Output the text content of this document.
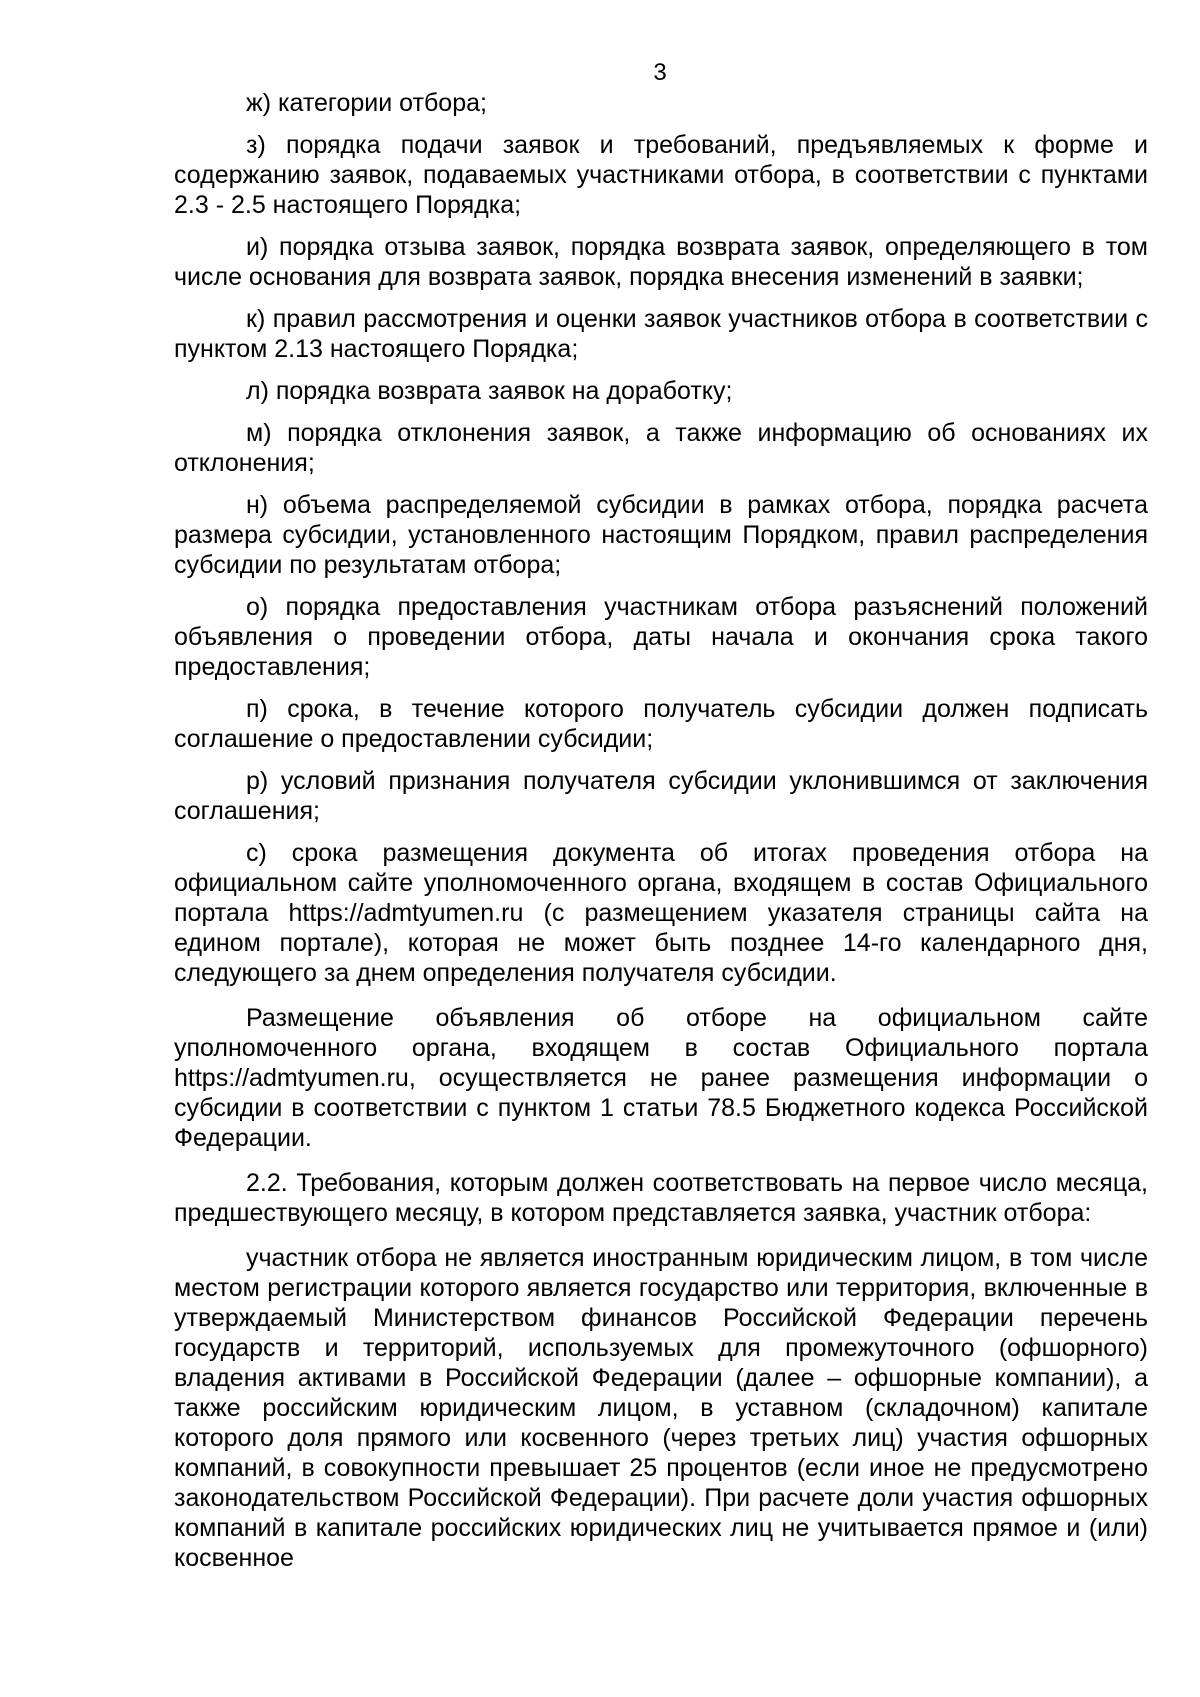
3

ж) категории отбора;

з) порядка подачи заявок и требований, предъявляемых к форме и содержанию заявок, подаваемых участниками отбора, в соответствии с пунктами 2.3 - 2.5 настоящего Порядка;

и) порядка отзыва заявок, порядка возврата заявок, определяющего в том числе основания для возврата заявок, порядка внесения изменений в заявки;

к) правил рассмотрения и оценки заявок участников отбора в соответствии с пунктом 2.13 настоящего Порядка;

л) порядка возврата заявок на доработку;

м) порядка отклонения заявок, а также информацию об основаниях их отклонения;

н) объема распределяемой субсидии в рамках отбора, порядка расчета размера субсидии, установленного настоящим Порядком, правил распределения субсидии по результатам отбора;

о) порядка предоставления участникам отбора разъяснений положений объявления о проведении отбора, даты начала и окончания срока такого предоставления;

п) срока, в течение которого получатель субсидии должен подписать соглашение о предоставлении субсидии;

р) условий признания получателя субсидии уклонившимся от заключения соглашения;

с) срока размещения документа об итогах проведения отбора на официальном сайте уполномоченного органа, входящем в состав Официального портала https://admtyumen.ru (с размещением указателя страницы сайта на едином портале), которая не может быть позднее 14-го календарного дня, следующего за днем определения получателя субсидии.

Размещение объявления об отборе на официальном сайте уполномоченного органа, входящем в состав Официального портала https://admtyumen.ru, осуществляется не ранее размещения информации о субсидии в соответствии с пунктом 1 статьи 78.5 Бюджетного кодекса Российской Федерации.

2.2. Требования, которым должен соответствовать на первое число месяца, предшествующего месяцу, в котором представляется заявка, участник отбора:

участник отбора не является иностранным юридическим лицом, в том числе местом регистрации которого является государство или территория, включенные в утверждаемый Министерством финансов Российской Федерации перечень государств и территорий, используемых для промежуточного (офшорного) владения активами в Российской Федерации (далее – офшорные компании), а также российским юридическим лицом, в уставном (складочном) капитале которого доля прямого или косвенного (через третьих лиц) участия офшорных компаний, в совокупности превышает 25 процентов (если иное не предусмотрено законодательством Российской Федерации). При расчете доли участия офшорных компаний в капитале российских юридических лиц не учитывается прямое и (или) косвенное
